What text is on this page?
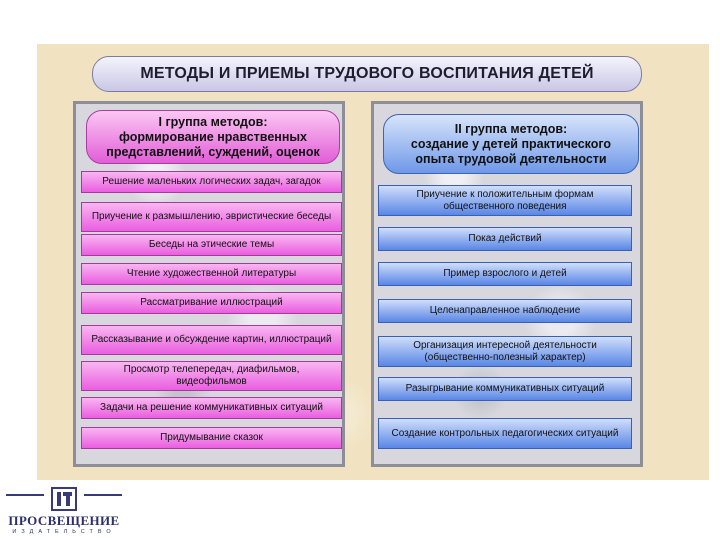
МЕТОДЫ И ПРИЕМЫ ТРУДОВОГО ВОСПИТАНИЯ ДЕТЕЙ
I группа методов:
формирование нравственных
представлений, суждений, оценок
II группа методов:
создание у детей практического
опыта трудовой деятельности
Решение маленьких логических задач, загадок
Приучение к размышлению, эвристические беседы
Беседы на этические темы
Чтение художественной литературы
Рассматривание иллюстраций
Рассказывание и обсуждение картин, иллюстраций
Просмотр телепередач, диафильмов, видеофильмов
Задачи на решение коммуникативных ситуаций
Придумывание сказок
Приучение к положительным формам общественного поведения
Показ действий
Пример взрослого и детей
Целенаправленное наблюдение
Организация интересной деятельности (общественно-полезный характер)
Разыгрывание коммуникативных ситуаций
Создание контрольных педагогических ситуаций
ПРОСВЕЩЕНИЕ
ИЗДАТЕЛЬСТВО
